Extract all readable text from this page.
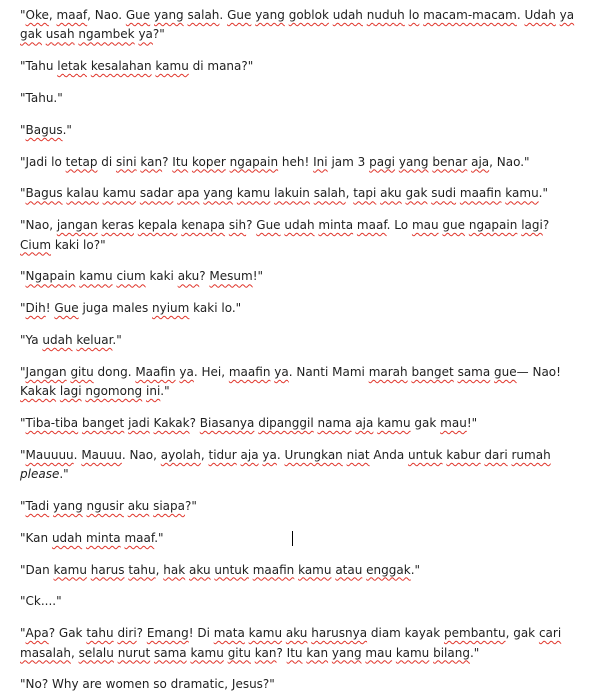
"Oke, maaf, Nao. Gue yang salah. Gue yang goblok udah nuduh lo macam-macam. Udah ya gak usah ngambek ya?"
"Tahu letak kesalahan kamu di mana?"
"Tahu."
"Bagus."
"Jadi lo tetap di sini kan? Itu koper ngapain heh! Ini jam 3 pagi yang benar aja, Nao."
"Bagus kalau kamu sadar apa yang kamu lakuin salah, tapi aku gak sudi maafin kamu."
"Nao, jangan keras kepala kenapa sih? Gue udah minta maaf. Lo mau gue ngapain lagi? Cium kaki lo?"
"Ngapain kamu cium kaki aku? Mesum!"
"Dih! Gue juga males nyium kaki lo."
"Ya udah keluar."
"Jangan gitu dong. Maafin ya. Hei, maafin ya. Nanti Mami marah banget sama gue— Nao! Kakak lagi ngomong ini."
"Tiba-tiba banget jadi Kakak? Biasanya dipanggil nama aja kamu gak mau!"
"Mauuuu. Mauuu. Nao, ayolah, tidur aja ya. Urungkan niat Anda untuk kabur dari rumah please."
"Tadi yang ngusir aku siapa?"
"Kan udah minta maaf."
"Dan kamu harus tahu, hak aku untuk maafin kamu atau enggak."
"Ck...."
"Apa? Gak tahu diri? Emang! Di mata kamu aku harusnya diam kayak pembantu, gak cari masalah, selalu nurut sama kamu gitu kan? Itu kan yang mau kamu bilang."
"No? Why are women so dramatic, Jesus?"
